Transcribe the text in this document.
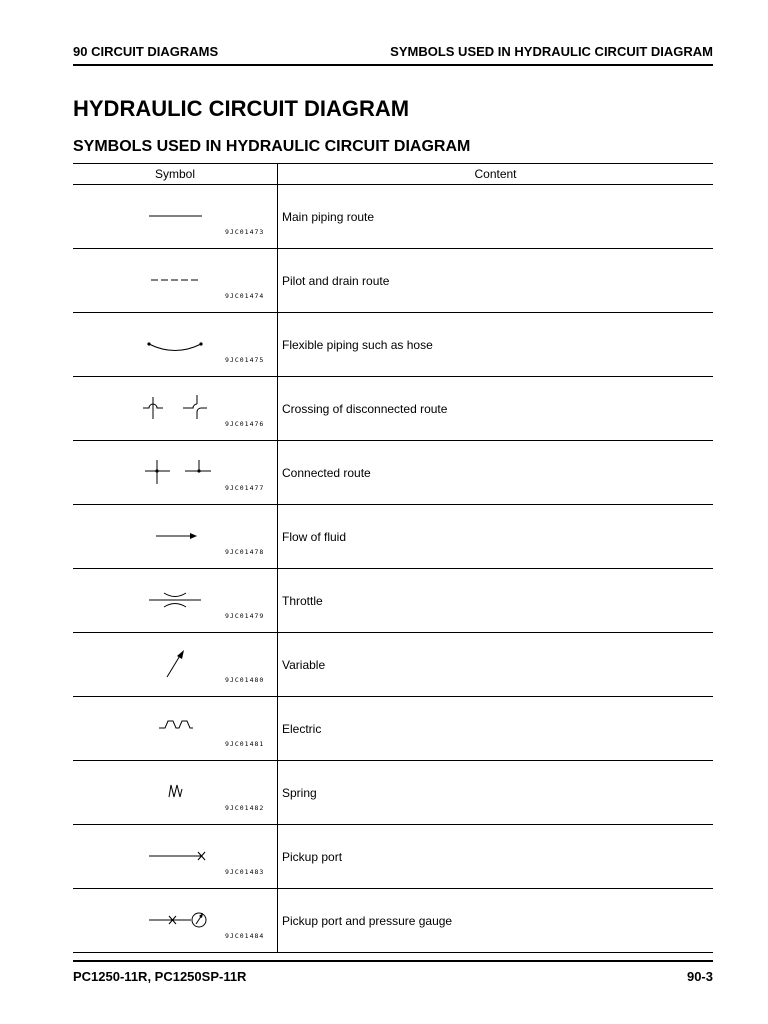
90 CIRCUIT DIAGRAMS	SYMBOLS USED IN HYDRAULIC CIRCUIT DIAGRAM
HYDRAULIC CIRCUIT DIAGRAM
SYMBOLS USED IN HYDRAULIC CIRCUIT DIAGRAM
Symbol	Content

9JC01473	Main piping route

9JC01474	Pilot and drain route

9JC01475	Flexible piping such as hose

9JC01476	Crossing of disconnected route

9JC01477	Connected route

9JC01478	Flow of fluid

9JC01479	Throttle

9JC01480	Variable

9JC01481	Electric

9JC01482	Spring

9JC01483	Pickup port

9JC01484	Pickup port and pressure gauge
PC1250-11R, PC1250SP-11R	90-3
